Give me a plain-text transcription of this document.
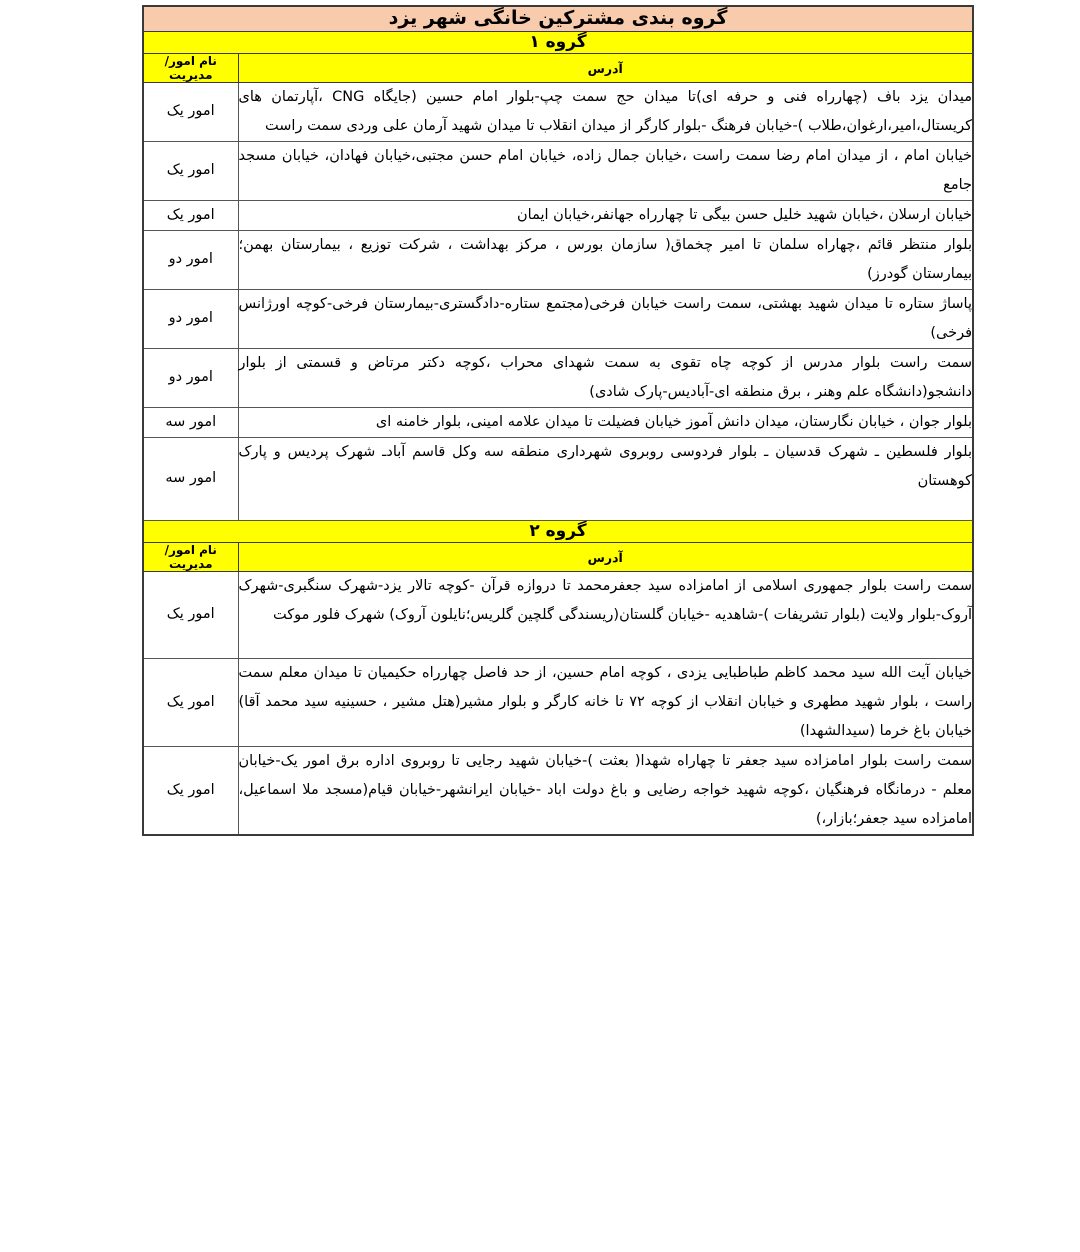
گروه بندی مشترکین خانگی شهر یزد	
گروه ۱	
آدرس	نام امور/مدیریت
میدان یزد باف (چهارراه فنی و حرفه ای)تا میدان حج سمت چپ-بلوار امام حسین (جایگاه CNG ،آپارتمان های کریستال،امیر،ارغوان،طلاب )-خیابان فرهنگ -بلوار کارگر از میدان انقلاب تا میدان شهید آرمان علی وردی سمت راست	امور یک
خیابان امام ، از میدان امام رضا سمت راست ،خیابان جمال زاده، خیابان امام حسن مجتبی،خیابان فهادان، خیابان مسجد جامع	امور یک
خیابان ارسلان ،خیابان شهید خلیل حسن بیگی تا چهارراه جهانفر،خیابان ایمان	امور یک
بلوار منتظر قائم ،چهاراه سلمان تا امیر چخماق( سازمان بورس ، مرکز بهداشت ، شرکت توزیع ، بیمارستان بهمن؛ بیمارستان گودرز)	امور دو
پاساژ ستاره تا میدان شهید بهشتی، سمت راست خیابان فرخی(مجتمع ستاره-دادگستری-بیمارستان فرخی-کوچه اورژانس فرخی)	امور دو
سمت راست بلوار مدرس از کوچه چاه تقوی به سمت شهدای محراب ،کوچه دکتر مرتاض و قسمتی از بلوار دانشجو(دانشگاه علم وهنر ، برق منطقه ای-آبادیس-پارک شادی)	امور دو
بلوار جوان ، خیابان نگارستان، میدان دانش آموز خیابان فضیلت تا میدان علامه امینی، بلوار خامنه ای	امور سه
بلوار فلسطین ـ شهرک قدسیان ـ بلوار فردوسی روبروی شهرداری منطقه سه وکل قاسم آبادـ شهرک پردیس و پارک کوهستان	امور سه
گروه ۲	
آدرس	نام امور/مدیریت
سمت راست بلوار جمهوری اسلامی از امامزاده سید جعفرمحمد تا دروازه قرآن -کوچه تالار یزد-شهرک سنگبری-شهرک آروک-بلوار ولایت (بلوار تشریفات )-شاهدیه -خیابان گلستان(ریسندگی گلچین گلریس؛نایلون آروک) شهرک فلور موکت	امور یک
خیابان آیت الله سید محمد کاظم طباطبایی یزدی ، کوچه امام حسین، از حد فاصل چهارراه حکیمیان تا میدان معلم سمت راست ، بلوار شهید مطهری و خیابان انقلاب از کوچه ۷۲ تا خانه کارگر و بلوار مشیر(هتل مشیر ، حسینیه سید محمد آقا) خیابان باغ خرما (سیدالشهدا)	امور یک
سمت راست بلوار امامزاده سید جعفر تا چهاراه شهدا( بعثت )-خیابان شهید رجایی تا روبروی اداره برق امور یک-خیابان معلم - درمانگاه فرهنگیان ،کوچه شهید خواجه رضایی و باغ دولت اباد -خیابان ایرانشهر-خیابان قیام(مسجد ملا اسماعیل، امامزاده سید جعفر؛بازار،)	امور یک
